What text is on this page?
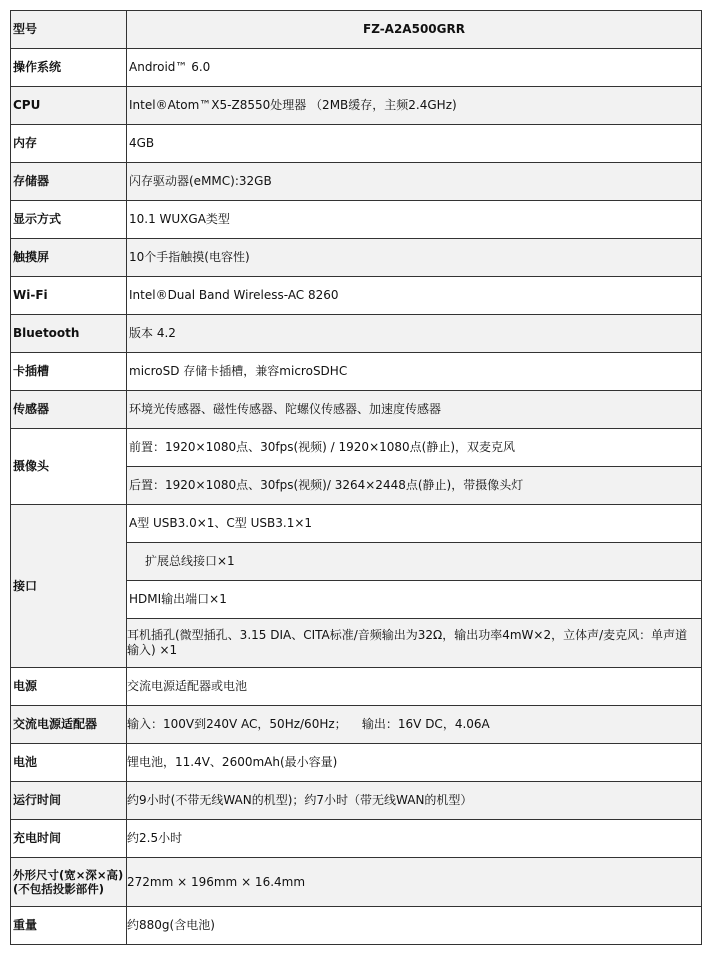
型号	FZ-A2A500GRR
操作系统	Android™ 6.0
CPU	Intel®Atom™X5-Z8550处理器 （2MB缓存，主频2.4GHz)
内存	4GB
存储器	闪存驱动器(eMMC):32GB
显示方式	10.1 WUXGA类型
触摸屏	10个手指触摸(电容性)
Wi-Fi	Intel®Dual Band Wireless-AC 8260
Bluetooth	版本 4.2
卡插槽	microSD 存储卡插槽，兼容microSDHC
传感器	环境光传感器、磁性传感器、陀螺仪传感器、加速度传感器
摄像头	前置：1920×1080点、30fps(视频) / 1920×1080点(静止)，双麦克风
	后置：1920×1080点、30fps(视频)/ 3264×2448点(静止)，带摄像头灯
接口	A型 USB3.0×1、C型 USB3.1×1
	扩展总线接口×1
	HDMI输出端口×1
	耳机插孔(微型插孔、3.15 DIA、CITA标准/音频输出为32Ω，输出功率4mW×2，立体声/麦克风：单声道输入) ×1
电源	交流电源适配器或电池
交流电源适配器	输入：100V到240V AC，50Hz/60Hz；    输出：16V DC，4.06A
电池	锂电池，11.4V、2600mAh(最小容量)
运行时间	约9小时(不带无线WAN的机型)；约7小时（带无线WAN的机型）
充电时间	约2.5小时
外形尺寸(宽×深×高)(不包括投影部件)	272mm × 196mm × 16.4mm
重量	约880g(含电池)
